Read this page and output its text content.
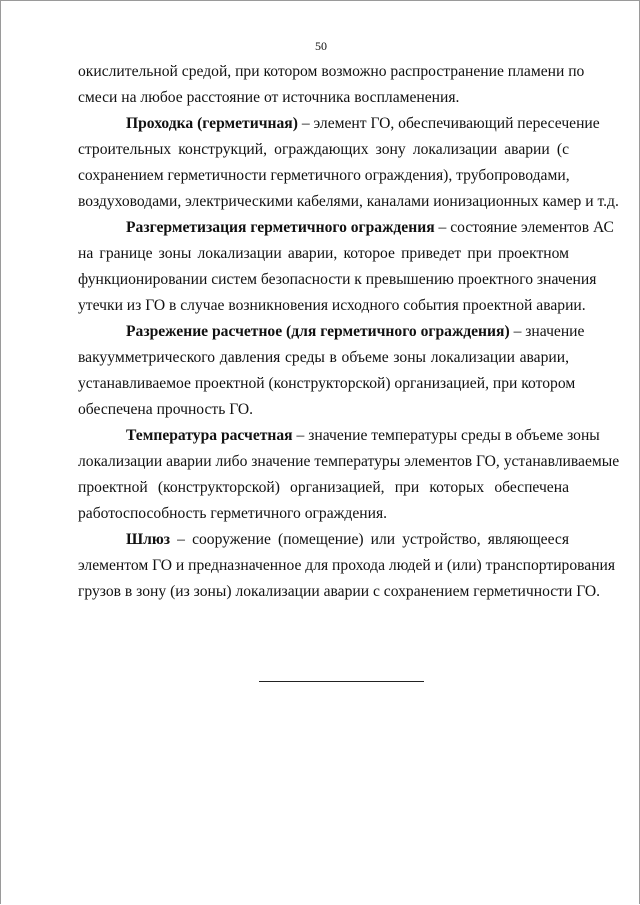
50
окислительной средой, при котором возможно распространение пламени по
смеси на любое расстояние от источника воспламенения.
Проходка (герметичная) – элемент ГО, обеспечивающий пересечение
строительных конструкций, ограждающих зону локализации аварии (с
сохранением герметичности герметичного ограждения), трубопроводами,
воздуховодами, электрическими кабелями, каналами ионизационных камер и т.д.
Разгерметизация герметичного ограждения – состояние элементов АС
на границе зоны локализации аварии, которое приведет при проектном
функционировании систем безопасности к превышению проектного значения
утечки из ГО в случае возникновения исходного события проектной аварии.
Разрежение расчетное (для герметичного ограждения) – значение
вакуумметрического давления среды в объеме зоны локализации аварии,
устанавливаемое проектной (конструкторской) организацией, при котором
обеспечена прочность ГО.
Температура расчетная – значение температуры среды в объеме зоны
локализации аварии либо значение температуры элементов ГО, устанавливаемые
проектной (конструкторской) организацией, при которых обеспечена
работоспособность герметичного ограждения.
Шлюз – сооружение (помещение) или устройство, являющееся
элементом ГО и предназначенное для прохода людей и (или) транспортирования
грузов в зону (из зоны) локализации аварии с сохранением герметичности ГО.
